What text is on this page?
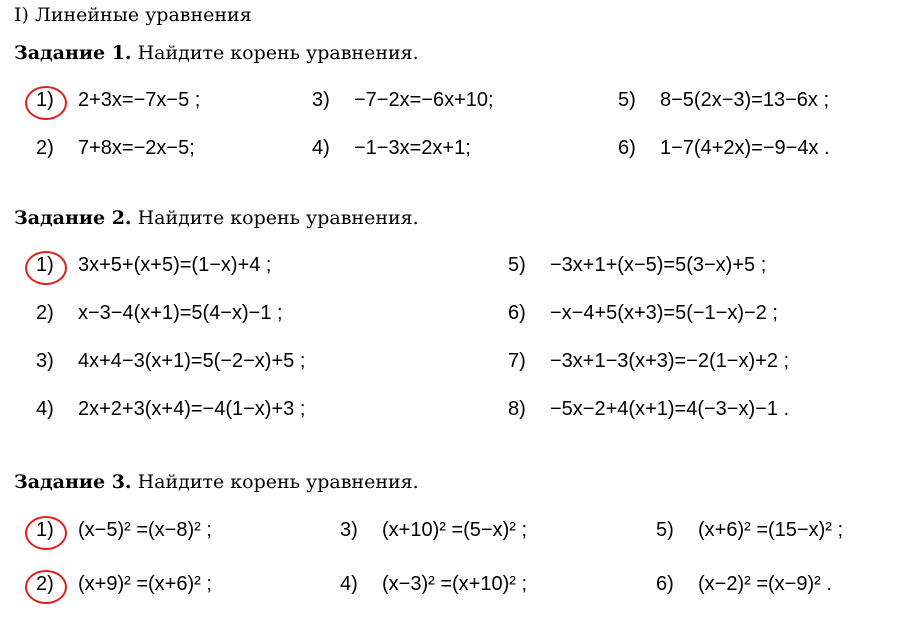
I) Линейные уравнения
Задание 1. Найдите корень уравнения.
1) 2+3x=−7x−5 ;	3) −7−2x=−6x+10;	5) 8−5(2x−3)=13−6x ;
2) 7+8x=−2x−5;	4) −1−3x=2x+1;	6) 1−7(4+2x)=−9−4x .
Задание 2. Найдите корень уравнения.
1) 3x+5+(x+5)=(1−x)+4 ;	5) −3x+1+(x−5)=5(3−x)+5 ;
2) x−3−4(x+1)=5(4−x)−1 ;	6) −x−4+5(x+3)=5(−1−x)−2 ;
3) 4x+4−3(x+1)=5(−2−x)+5 ;	7) −3x+1−3(x+3)=−2(1−x)+2 ;
4) 2x+2+3(x+4)=−4(1−x)+3 ;	8) −5x−2+4(x+1)=4(−3−x)−1 .
Задание 3. Найдите корень уравнения.
1) (x−5)² =(x−8)² ;	3) (x+10)² =(5−x)² ;	5) (x+6)² =(15−x)² ;
2) (x+9)² =(x+6)² ;	4) (x−3)² =(x+10)² ;	6) (x−2)² =(x−9)² .
